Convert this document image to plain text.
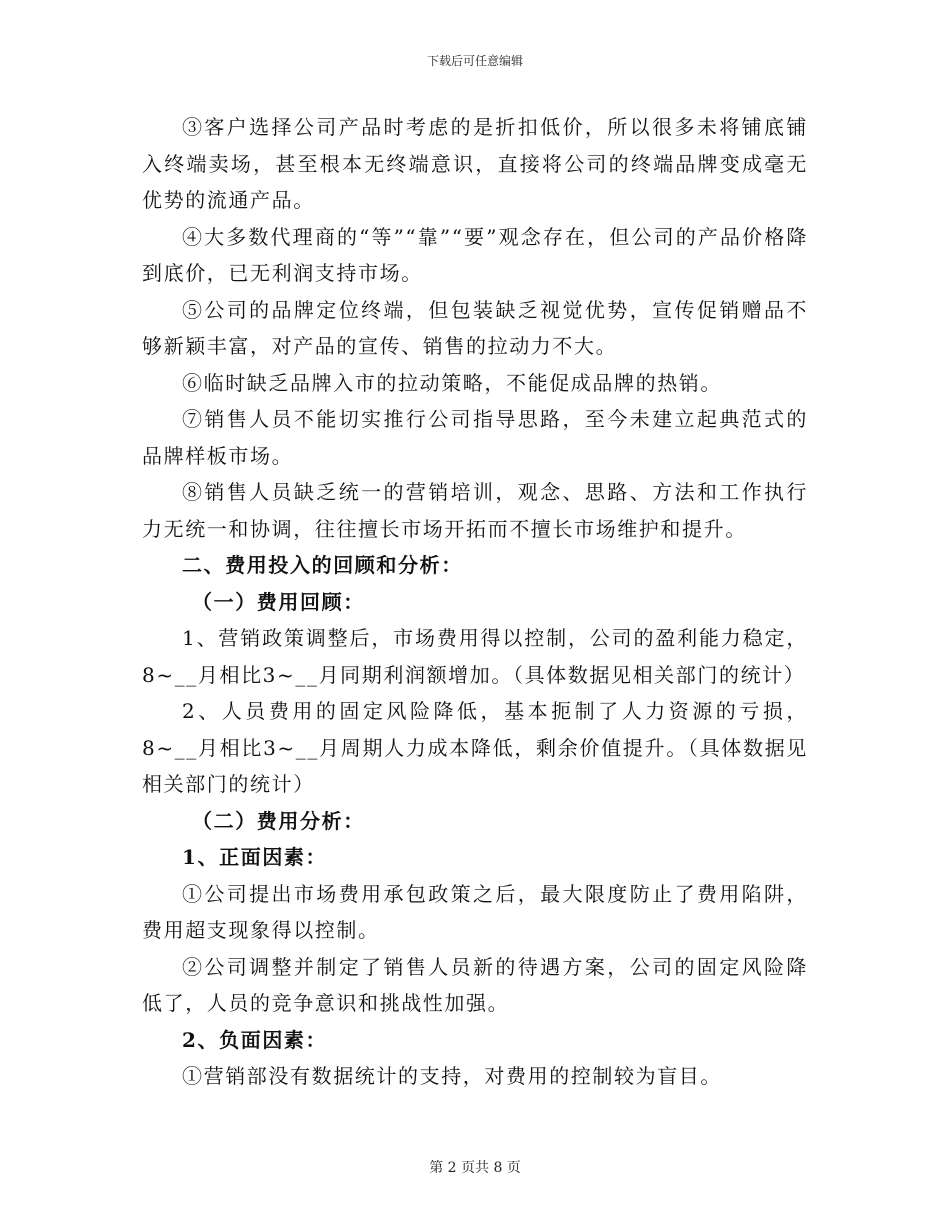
下载后可任意编辑

③客户选择公司产品时考虑的是折扣低价，所以很多未将铺底铺入终端卖场，甚至根本无终端意识，直接将公司的终端品牌变成毫无优势的流通产品。

④大多数代理商的“等”“靠”“要”观念存在，但公司的产品价格降到底价，已无利润支持市场。

⑤公司的品牌定位终端，但包装缺乏视觉优势，宣传促销赠品不够新颖丰富，对产品的宣传、销售的拉动力不大。

⑥临时缺乏品牌入市的拉动策略，不能促成品牌的热销。

⑦销售人员不能切实推行公司指导思路，至今未建立起典范式的品牌样板市场。

⑧销售人员缺乏统一的营销培训，观念、思路、方法和工作执行力无统一和协调，往往擅长市场开拓而不擅长市场维护和提升。

二、费用投入的回顾和分析：

（一）费用回顾：

1、营销政策调整后，市场费用得以控制，公司的盈利能力稳定，8~__月相比3~__月同期利润额增加。（具体数据见相关部门的统计）

2、人员费用的固定风险降低，基本扼制了人力资源的亏损，8~__月相比3~__月周期人力成本降低，剩余价值提升。（具体数据见相关部门的统计）

（二）费用分析：

1、正面因素：

①公司提出市场费用承包政策之后，最大限度防止了费用陷阱，费用超支现象得以控制。

②公司调整并制定了销售人员新的待遇方案，公司的固定风险降低了，人员的竞争意识和挑战性加强。

2、负面因素：

①营销部没有数据统计的支持，对费用的控制较为盲目。

第 2 页共 8 页
